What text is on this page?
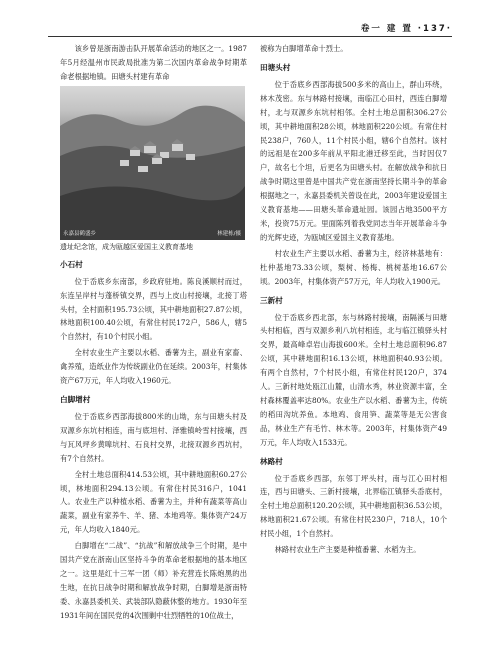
卷一 建 置 ·137·

该乡曾是浙南游击队开展革命活动的地区之一。1987年5月经温州市民政局批准为第二次国内革命战争时期革命老根据地镇。田塘头村建有革命

永嘉县鹤盛乡	林建栋/摄
遗址纪念馆，成为瓯越区爱国主义教育基地
小石村

位于岙底乡东南部，乡政府驻地。陈良溪顺村而过，东连呈岸村与蓬桥镇交界，西与上皮山村接壤，北接丁塔头村，全村面积195.73公顷，其中耕地面积27.87公顷，林地面积100.40公顷，有常住村民172户，586人，辖5个自然村，有10个村民小组。

全村农业生产主要以水稻、番薯为主，副业有家畜、禽养殖，造纸业作为传统副业仍在延续。2003年，村集体资产67万元，年人均收入1960元。

白脚增村

位于岙底乡西部海拔800米的山坳，东与田塘头村及双源乡东坑村相连，南与底坦村、泽雅镇岭雪村接壤，西与瓦风坪乡黄嗥坑村、石良村交界，北接双源乡西坑村，有7个自然村。

全村土地总面积414.53公顷，其中耕地面积60.27公顷，林地面积294.13公顷。有常住村民316户，1041人。农业生产以种植水稻、番薯为主，并种有蔬菜等高山蔬菜，副业有家养牛、羊、猪、本地鸡等。集体资产24万元，年人均收入1840元。

白脚增在“二战”、“抗战”和解放战争三个时期，是中国共产党在浙南山区坚持斗争的革命老根据地的基本地区之一。这里是红十三军一团（师）补充营连长陈炮黑的出生地，在抗日战争时期和解放战争时期，白脚增是浙南特委、永嘉县委机关、武装部队隐蔽休整的地方。1930年至1931年间在国民党的4次围剿中壮烈牺牲的10位战士，

被称为白脚增革命十烈士。

田塘头村

位于岙底乡西部海拔500多米的高山上，群山环绕，林木茂密。东与林路村接壤，南临江心田村，西连白脚增村，北与双源乡东坑村相邻。全村土地总面积306.27公顷，其中耕地面积28公顷，林地面积220公顷。有常住村民238户，760人，11个村民小组，辖6个自然村。该村的远祖是在200多年前从平阳北港迁移至此，当时因仅7户，故名七个坦，后更名为田塘头村。在解放战争和抗日战争时期这里曾是中国共产党在浙南坚持长期斗争的革命根据地之一，永嘉县委机关曾设在此，2003年建设爱国主义教育基地——田塘头革命遗址园。该园占地3500平方米，投资75万元。里面陈列着我党同志当年开展革命斗争的光辉史迹，为瓯城区爱国主义教育基地。

村农业生产主要以水稻、番薯为主，经济林基地有：杜仲基地73.33公顷，梨树、杨梅、桃树基地16.67公顷。2003年，村集体资产57万元，年人均收入1900元。

三新村

位于岙底乡西北部，东与林路村接壤，南隔溪与田塘头村相临，西与双源乡利八坑村相连，北与临江镇驿头村交界，最高峰卓岩山海拔600米。全村土地总面积96.87公顷，其中耕地面积16.13公顷，林地面积40.93公顷。有两个自然村，7个村民小组，有常住村民120户，374人。三新村地处瓯江山麓，山清水秀，林业资源丰富，全村森林覆盖率达80%。农业生产以水稻、番薯为主，传统的稻田沟坑养鱼。本地鸡、食用笋、蔬菜等是无公害食品，林业生产有毛竹、林木等。2003年，村集体资产49万元，年人均收入1533元。

林路村

位于岙底乡西部，东邻丁坪头村，南与江心田村相连，西与田塘头、三新村接壤，北界临江镇驿头岙底村，全村土地总面积120.20公顷，其中耕地面积36.53公顷，林地面积21.67公顷。有常住村民230户，718人，10个村民小组，1个自然村。

林路村农业生产主要是种植番薯、水稻为主。
